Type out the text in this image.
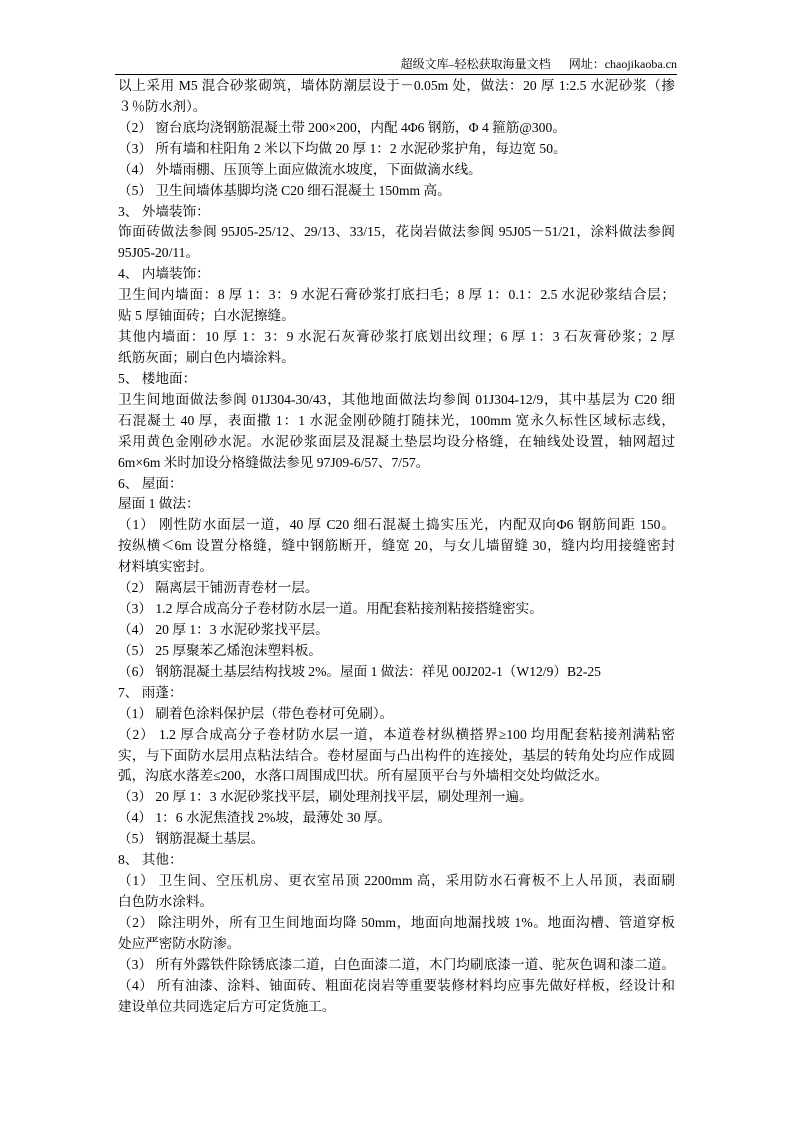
超级文库–轻松获取海量文档 网址：chaojikaoba.cn
以上采用 M5 混合砂浆砌筑，墙体防潮层设于－0.05m 处，做法：20 厚 1:2.5 水泥砂浆（掺
３％防水剂）。
（2） 窗台底均浇钢筋混凝土带 200×200，内配 4Φ6 钢筋，Φ 4 箍筋@300。
（3） 所有墙和柱阳角 2 米以下均做 20 厚 1：2 水泥砂浆护角，每边宽 50。
（4） 外墙雨棚、压顶等上面应做流水坡度，下面做滴水线。
（5） 卫生间墙体基脚均浇 C20 细石混凝土 150mm 高。
3、 外墙装饰：
饰面砖做法参阆 95J05-25/12、29/13、33/15，花岗岩做法参阆 95J05－51/21，涂料做法参阆
95J05-20/11。
4、 内墙装饰：
卫生间内墙面：8 厚 1：3：9 水泥石膏砂浆打底扫毛；8 厚 1：0.1：2.5 水泥砂浆结合层；
贴 5 厚铀面砖；白水泥擦缝。
其他内墙面：10 厚 1：3：9 水泥石灰膏砂浆打底划出纹理；6 厚 1：3 石灰膏砂浆；2 厚
纸筋灰面；刷白色内墙涂料。
5、 楼地面：
卫生间地面做法参阆 01J304-30/43，其他地面做法均参阆 01J304-12/9，其中基层为 C20 细
石混凝土 40 厚，表面撒 1：1 水泥金刚砂随打随抹光，100mm 宽永久标性区域标志线，
采用黄色金刚砂水泥。水泥砂浆面层及混凝土垫层均设分格缝，在轴线处设置，轴网超过
6m×6m 米时加设分格缝做法参见 97J09-6/57、7/57。
6、 屋面：
屋面 1 做法：
（1） 刚性防水面层一道，40 厚 C20 细石混凝土捣实压光，内配双向Φ6 钢筋间距 150。
按纵横＜6m 设置分格缝，缝中钢筋断开，缝宽 20，与女儿墙留缝 30，缝内均用接缝密封
材料填实密封。
（2） 隔离层干铺沥青卷材一层。
（3） 1.2 厚合成高分子卷材防水层一道。用配套粘接剂粘接搭缝密实。
（4） 20 厚 1：3 水泥砂浆找平层。
（5） 25 厚聚苯乙烯泡沫塑料板。
（6） 钢筋混凝土基层结构找坡 2%。屋面 1 做法：祥见 00J202-1（W12/9）B2-25
7、 雨蓬：
（1） 刷着色涂料保护层（带色卷材可免刷）。
（2） 1.2 厚合成高分子卷材防水层一道，本道卷材纵横搭界≥100 均用配套粘接剂满粘密
实，与下面防水层用点粘法结合。卷材屋面与凸出构件的连接处，基层的转角处均应作成圆
弧，沟底水落差≤200，水落口周围成凹状。所有屋顶平台与外墙相交处均做泛水。
（3） 20 厚 1：3 水泥砂浆找平层，刷处理剂找平层，刷处理剂一遍。
（4） 1：6 水泥焦渣找 2%坡，最薄处 30 厚。
（5） 钢筋混凝土基层。
8、 其他：
（1） 卫生间、空压机房、更衣室吊顶 2200mm 高，采用防水石膏板不上人吊顶，表面刷
白色防水涂料。
（2） 除注明外，所有卫生间地面均降 50mm，地面向地漏找坡 1%。地面沟槽、管道穿板
处应严密防水防渗。
（3） 所有外露铁件除锈底漆二道，白色面漆二道，木门均刷底漆一道、驼灰色调和漆二道。
（4） 所有油漆、涂料、铀面砖、粗面花岗岩等重要装修材料均应事先做好样板，经设计和
建设单位共同选定后方可定货施工。
